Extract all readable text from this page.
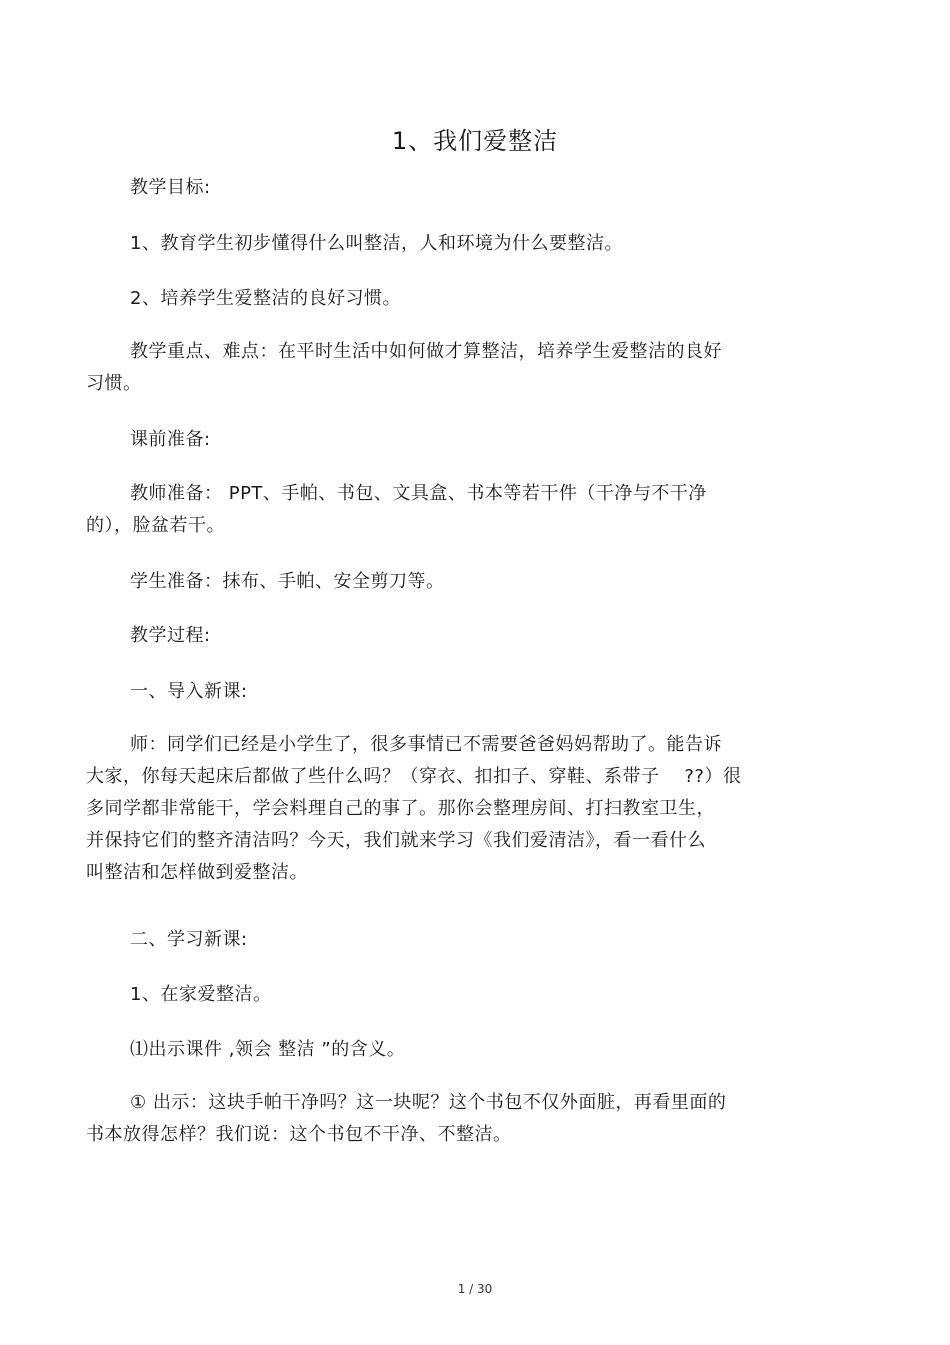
1、我们爱整洁
教学目标:
1、教育学生初步懂得什么叫整洁，人和环境为什么要整洁。
2、培养学生爱整洁的良好习惯。
教学重点、难点：在平时生活中如何做才算整洁，培养学生爱整洁的良好
习惯。
课前准备:
教师准备： PPT、手帕、书包、文具盒、书本等若干件（干净与不干净
的），脸盆若干。
学生准备：抹布、手帕、安全剪刀等。
教学过程:
一、导入新课:
师：同学们已经是小学生了，很多事情已不需要爸爸妈妈帮助了。能告诉
大家，你每天起床后都做了些什么吗？（穿衣、扣扣子、穿鞋、系带子    ??）很
多同学都非常能干，学会料理自己的事了。那你会整理房间、打扫教室卫生，
并保持它们的整齐清洁吗？今天，我们就来学习《我们爱清洁》，看一看什么
叫整洁和怎样做到爱整洁。
二、学习新课:
1、在家爱整洁。
⑴出示课件 ,领会 整洁 ”的含义。
① 出示：这块手帕干净吗？这一块呢？这个书包不仅外面脏，再看里面的
书本放得怎样？我们说：这个书包不干净、不整洁。
1 / 30
